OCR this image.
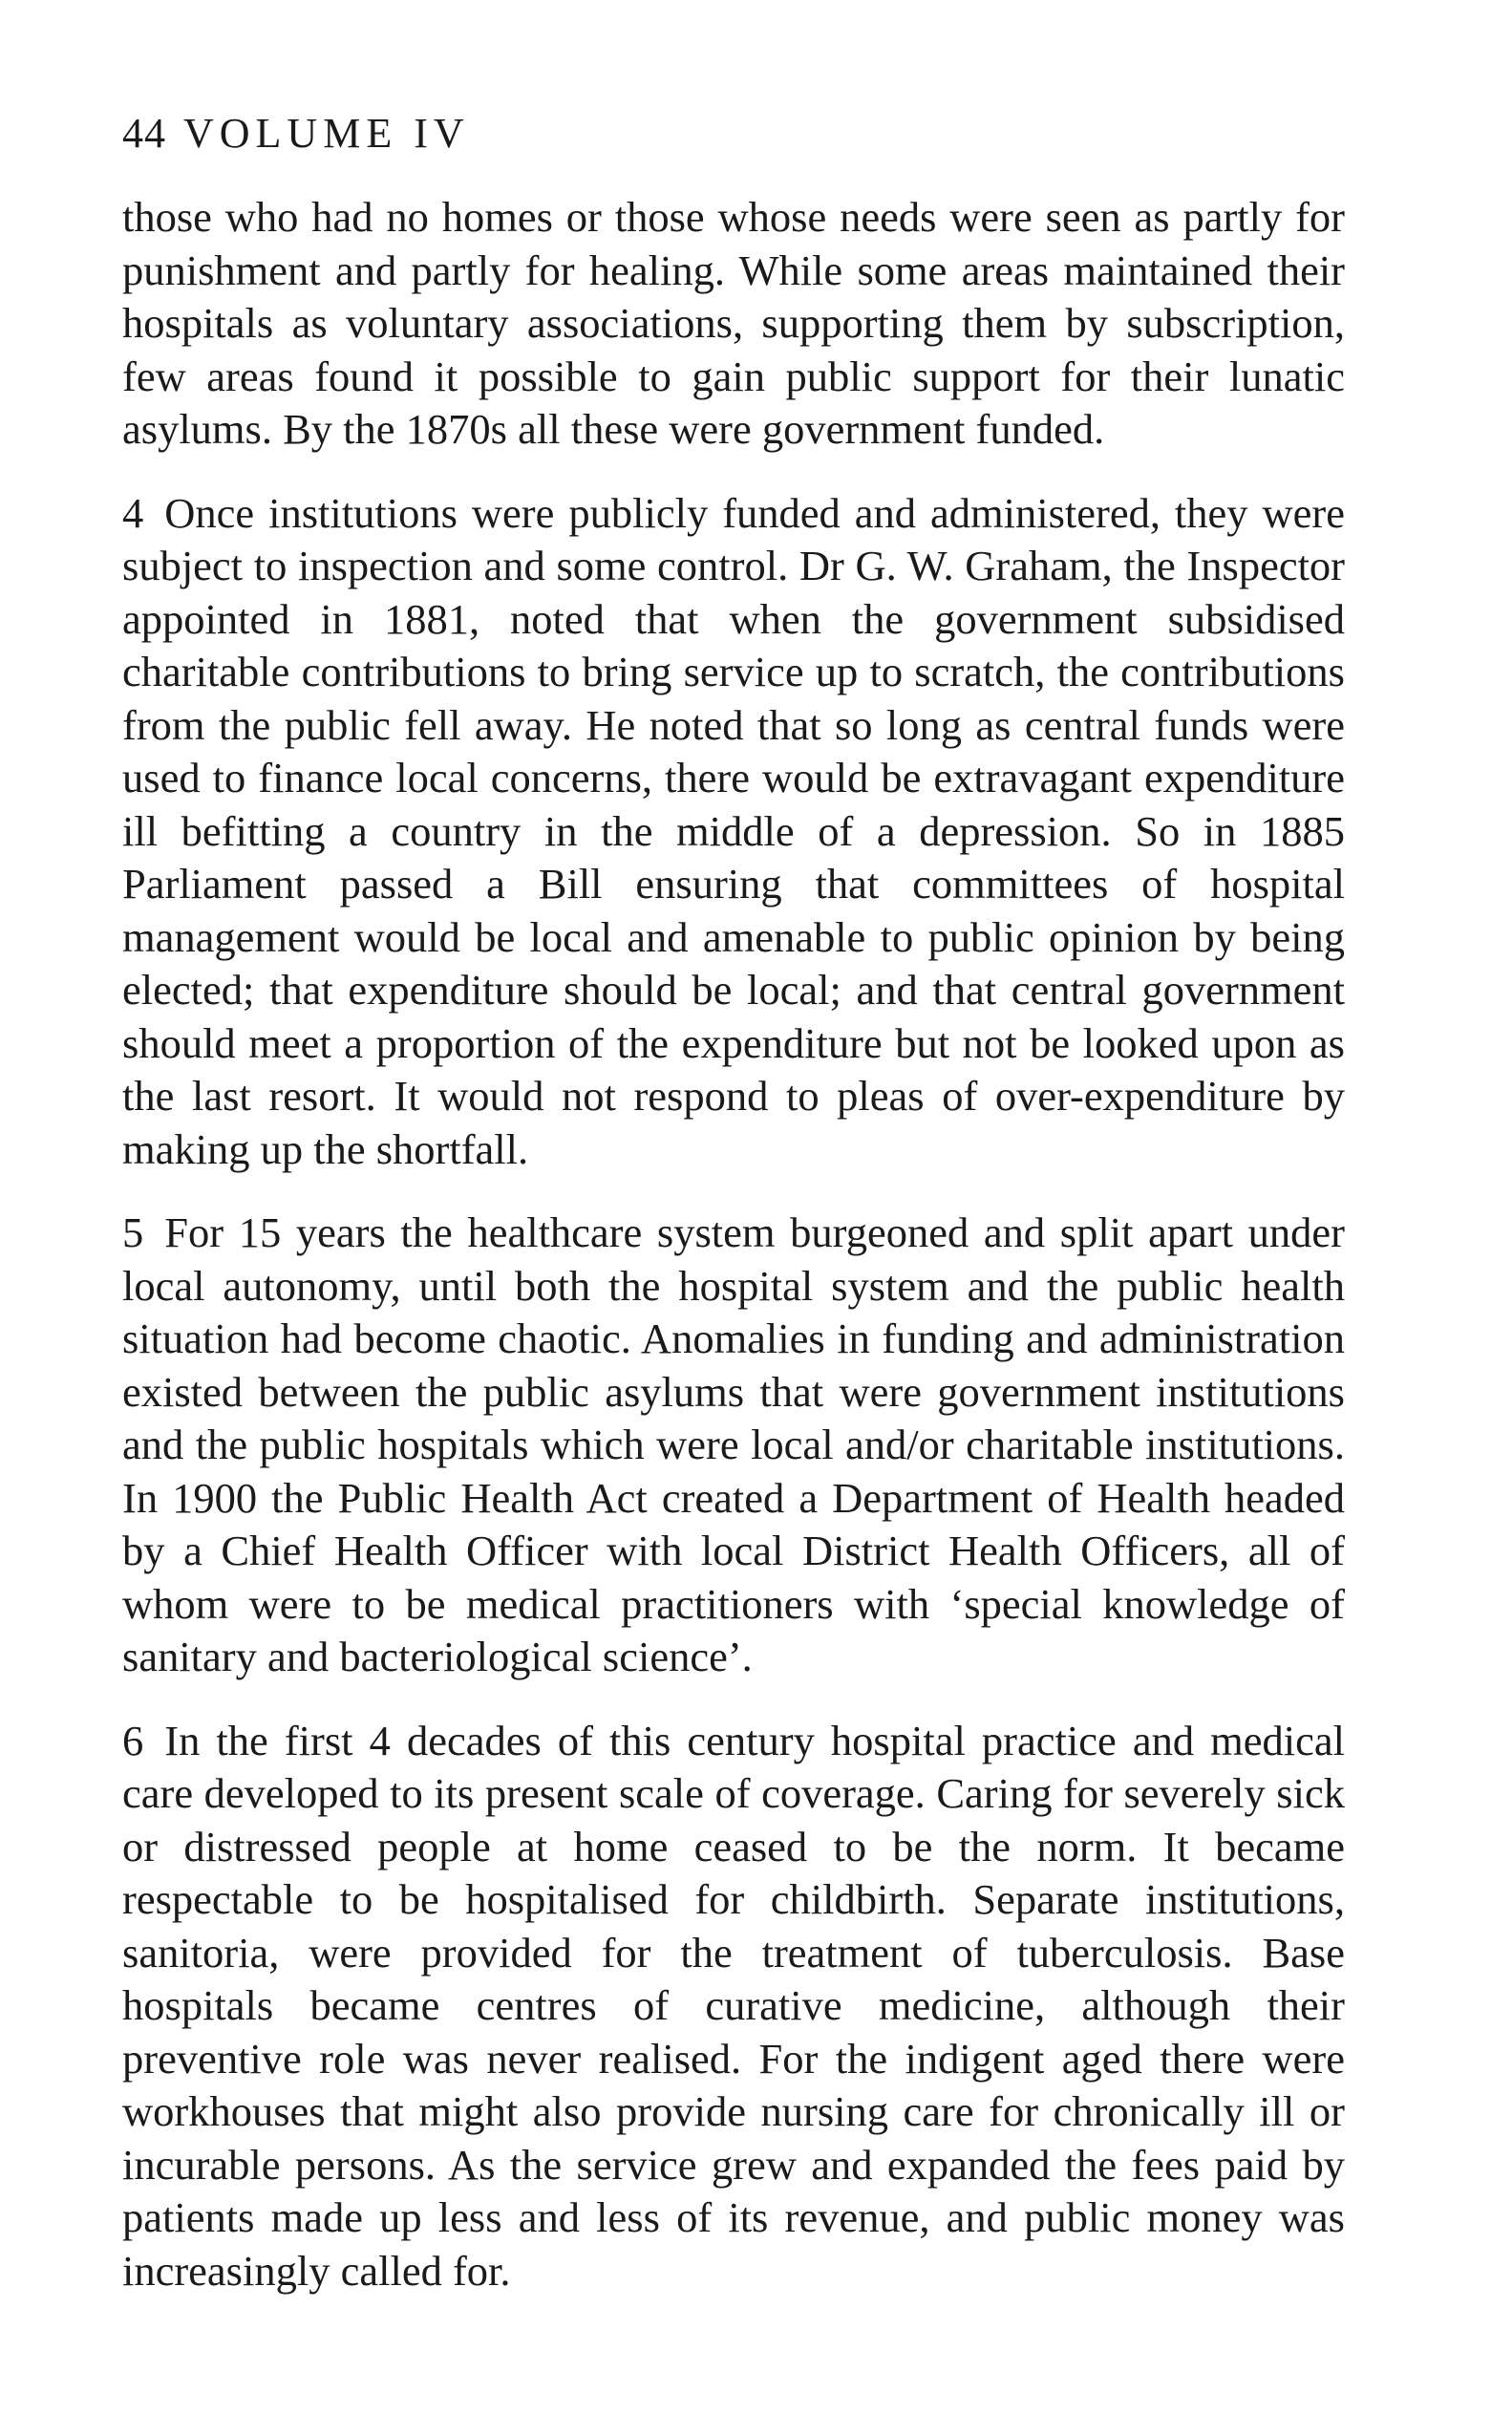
44 VOLUME IV

those who had no homes or those whose needs were seen as partly for punishment and partly for healing. While some areas maintained their hospitals as voluntary associations, supporting them by subscription, few areas found it possible to gain public support for their lunatic asylums. By the 1870s all these were government funded.

4 Once institutions were publicly funded and administered, they were subject to inspection and some control. Dr G. W. Graham, the Inspector appointed in 1881, noted that when the government subsidised charitable contributions to bring service up to scratch, the contributions from the public fell away. He noted that so long as central funds were used to finance local concerns, there would be extravagant expenditure ill befitting a country in the middle of a depression. So in 1885 Parliament passed a Bill ensuring that committees of hospital management would be local and amenable to public opinion by being elected; that expenditure should be local; and that central government should meet a proportion of the expenditure but not be looked upon as the last resort. It would not respond to pleas of over-expenditure by making up the shortfall.

5 For 15 years the healthcare system burgeoned and split apart under local autonomy, until both the hospital system and the public health situation had become chaotic. Anomalies in funding and administration existed between the public asylums that were government institutions and the public hospitals which were local and/or charitable institutions. In 1900 the Public Health Act created a Department of Health headed by a Chief Health Officer with local District Health Officers, all of whom were to be medical practitioners with ‘special knowledge of sanitary and bacteriological science’.

6 In the first 4 decades of this century hospital practice and medical care developed to its present scale of coverage. Caring for severely sick or distressed people at home ceased to be the norm. It became respectable to be hospitalised for childbirth. Separate institutions, sanitoria, were provided for the treatment of tuberculosis. Base hospitals became centres of curative medicine, although their preventive role was never realised. For the indigent aged there were workhouses that might also provide nursing care for chronically ill or incurable persons. As the service grew and expanded the fees paid by patients made up less and less of its revenue, and public money was increasingly called for.
